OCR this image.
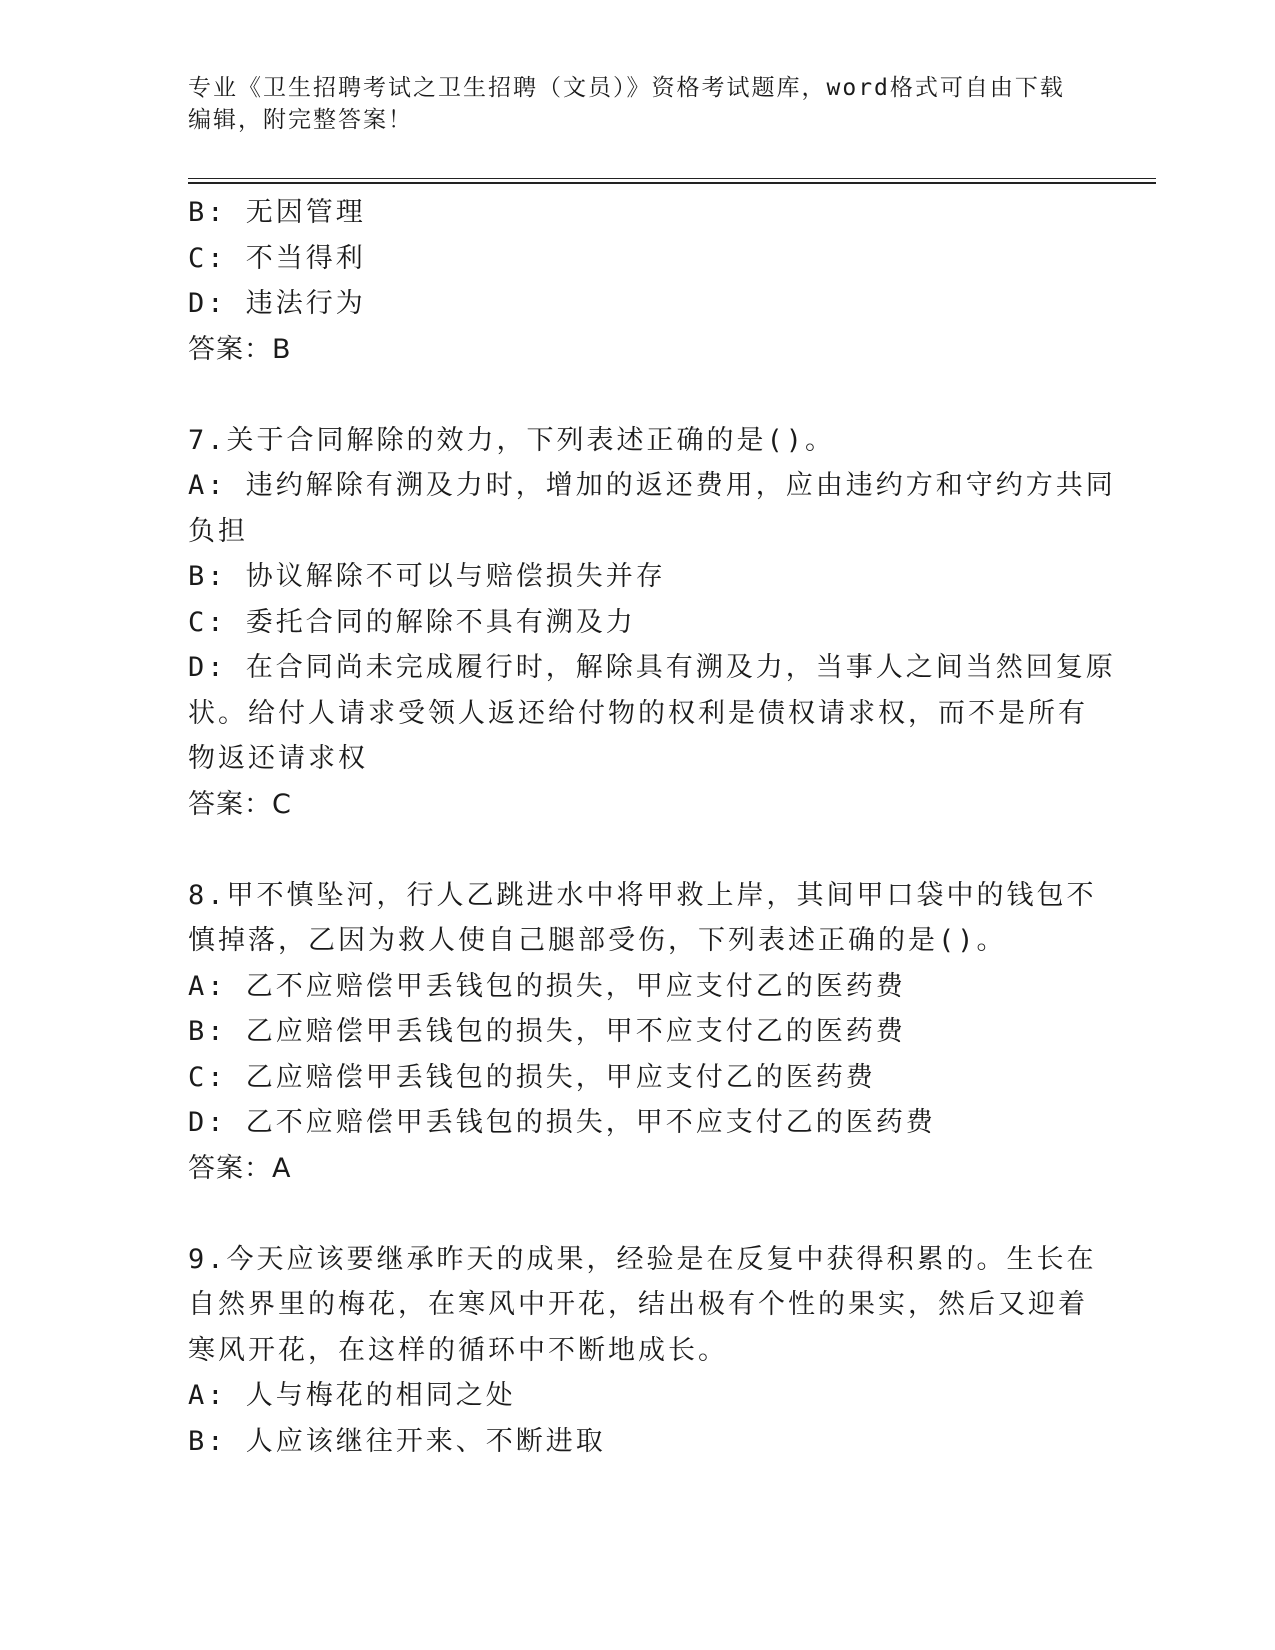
专业《卫生招聘考试之卫生招聘（文员）》资格考试题库，word格式可自由下载
编辑，附完整答案！
B: 无因管理
C: 不当得利
D: 违法行为
答案：B
7.关于合同解除的效力，下列表述正确的是()。
A: 违约解除有溯及力时，增加的返还费用，应由违约方和守约方共同
负担
B: 协议解除不可以与赔偿损失并存
C: 委托合同的解除不具有溯及力
D: 在合同尚未完成履行时，解除具有溯及力，当事人之间当然回复原
状。给付人请求受领人返还给付物的权利是债权请求权，而不是所有
物返还请求权
答案：C
8.甲不慎坠河，行人乙跳进水中将甲救上岸，其间甲口袋中的钱包不
慎掉落，乙因为救人使自己腿部受伤，下列表述正确的是()。
A: 乙不应赔偿甲丢钱包的损失，甲应支付乙的医药费
B: 乙应赔偿甲丢钱包的损失，甲不应支付乙的医药费
C: 乙应赔偿甲丢钱包的损失，甲应支付乙的医药费
D: 乙不应赔偿甲丢钱包的损失，甲不应支付乙的医药费
答案：A
9.今天应该要继承昨天的成果，经验是在反复中获得积累的。生长在
自然界里的梅花，在寒风中开花，结出极有个性的果实，然后又迎着
寒风开花，在这样的循环中不断地成长。
A: 人与梅花的相同之处
B: 人应该继往开来、不断进取
